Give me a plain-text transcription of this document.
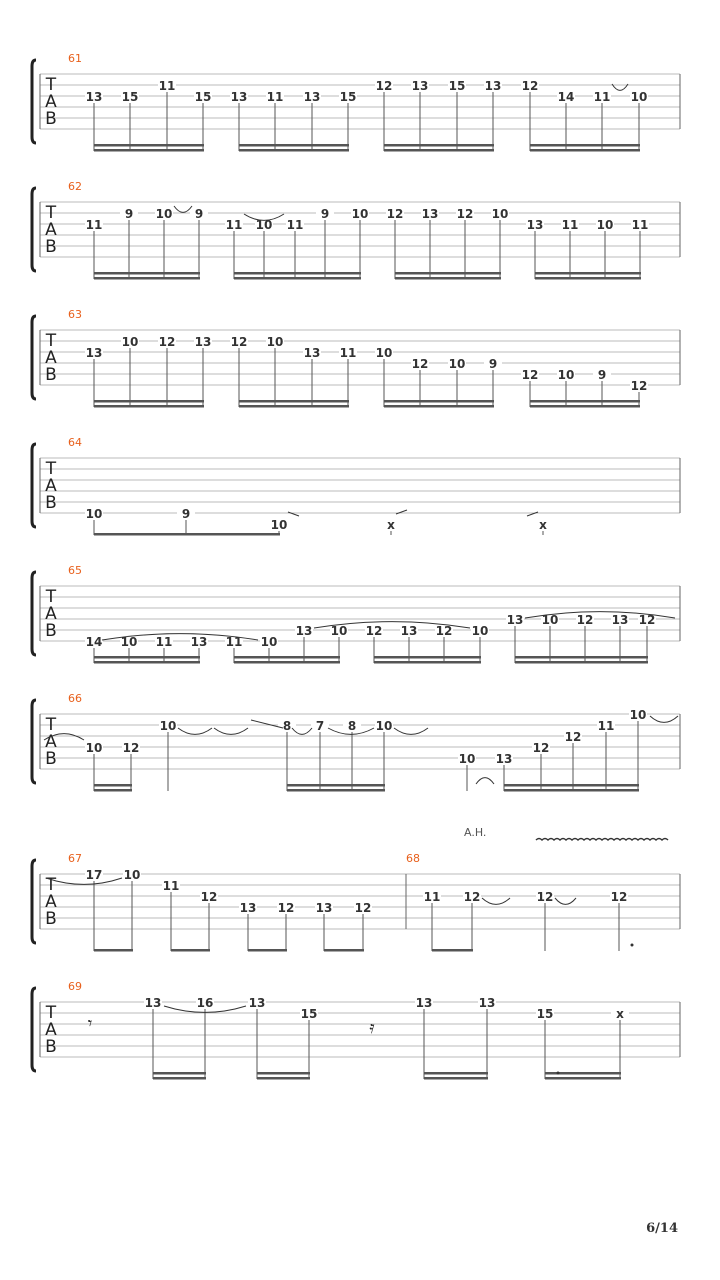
T
A
B
61
13 15
11
15 13 11 13 15
12 13 15 13 12
14 11 10
T
A
B
62
11
9 10 9
11 10 11
9 10 12 13 12 10
13 11 10 11
T
A
B
63
13
10 12 13 12 10
13 11 10
12 10 9
12 10 9
12
T
A
B
64
10	9
10	x	x
T
A
B
65
14 10 11 13 11 10
13 10 12 13 12 10
13 10 12 13 12
T
A
B
66
10 12
10	8 7 8 10
10 13
12
12
11
10
T
A
B
67	68
17 10
11
12
13 12 13 12
11 12	12	12
T
A
B
69
13	16	13
15
13	13
15	x
A.H.
𝄾	𝄿
6/14
